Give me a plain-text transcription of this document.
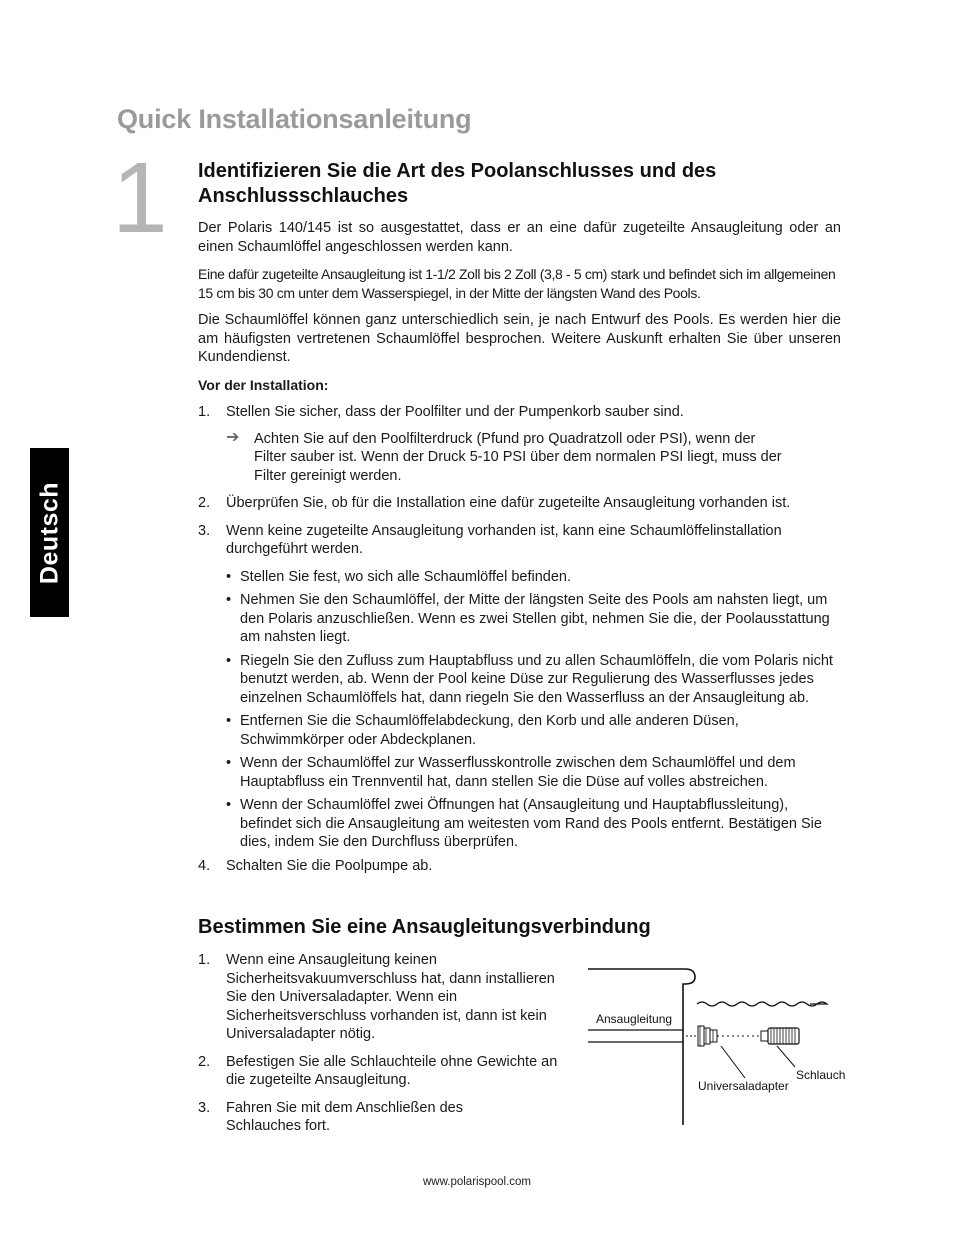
Deutsch
Quick Installationsanleitung
1 Identifizieren Sie die Art des Poolanschlusses und des Anschlussschlauches

Der Polaris 140/145 ist so ausgestattet, dass er an eine dafür zugeteilte Ansaugleitung oder an einen Schaumlöffel angeschlossen werden kann.

Eine dafür zugeteilte Ansaugleitung ist 1-1/2 Zoll bis 2 Zoll (3,8 - 5 cm) stark und befindet sich im allgemeinen 15 cm bis 30 cm unter dem Wasserspiegel, in der Mitte der längsten Wand des Pools.

Die Schaumlöffel können ganz unterschiedlich sein, je nach Entwurf des Pools. Es werden hier die am häufigsten vertretenen Schaumlöffel besprochen. Weitere Auskunft erhalten Sie über unseren Kundendienst.

Vor der Installation:
1. Stellen Sie sicher, dass der Poolfilter und der Pumpenkorb sauber sind.
➔ Achten Sie auf den Poolfilterdruck (Pfund pro Quadratzoll oder PSI), wenn der Filter sauber ist. Wenn der Druck 5-10 PSI über dem normalen PSI liegt, muss der Filter gereinigt werden.
2. Überprüfen Sie, ob für die Installation eine dafür zugeteilte Ansaugleitung vorhanden ist.
3. Wenn keine zugeteilte Ansaugleitung vorhanden ist, kann eine Schaumlöffelinstallation durchgeführt werden.
• Stellen Sie fest, wo sich alle Schaumlöffel befinden.
• Nehmen Sie den Schaumlöffel, der Mitte der längsten Seite des Pools am nahsten liegt, um den Polaris anzuschließen. Wenn es zwei Stellen gibt, nehmen Sie die, der Poolausstattung am nahsten liegt.
• Riegeln Sie den Zufluss zum Hauptabfluss und zu allen Schaumlöffeln, die vom Polaris nicht benutzt werden, ab. Wenn der Pool keine Düse zur Regulierung des Wasserflusses jedes einzelnen Schaumlöffels hat, dann riegeln Sie den Wasserfluss an der Ansaugleitung ab.
• Entfernen Sie die Schaumlöffelabdeckung, den Korb und alle anderen Düsen, Schwimmkörper oder Abdeckplanen.
• Wenn der Schaumlöffel zur Wasserflusskontrolle zwischen dem Schaumlöffel und dem Hauptabfluss ein Trennventil hat, dann stellen Sie die Düse auf volles abstreichen.
• Wenn der Schaumlöffel zwei Öffnungen hat (Ansaugleitung und Hauptabflussleitung), befindet sich die Ansaugleitung am weitesten vom Rand des Pools entfernt. Bestätigen Sie dies, indem Sie den Durchfluss überprüfen.
4. Schalten Sie die Poolpumpe ab.
Bestimmen Sie eine Ansaugleitungsverbindung
1. Wenn eine Ansaugleitung keinen Sicherheitsvakuumverschluss hat, dann installieren Sie den Universaladapter. Wenn ein Sicherheitsverschluss vorhanden ist, dann ist kein Universaladapter nötig.
2. Befestigen Sie alle Schlauchteile ohne Gewichte an die zugeteilte Ansaugleitung.
3. Fahren Sie mit dem Anschließen des Schlauches fort.
Ansaugleitung
Universaladapter
Schlauch
www.polarispool.com
